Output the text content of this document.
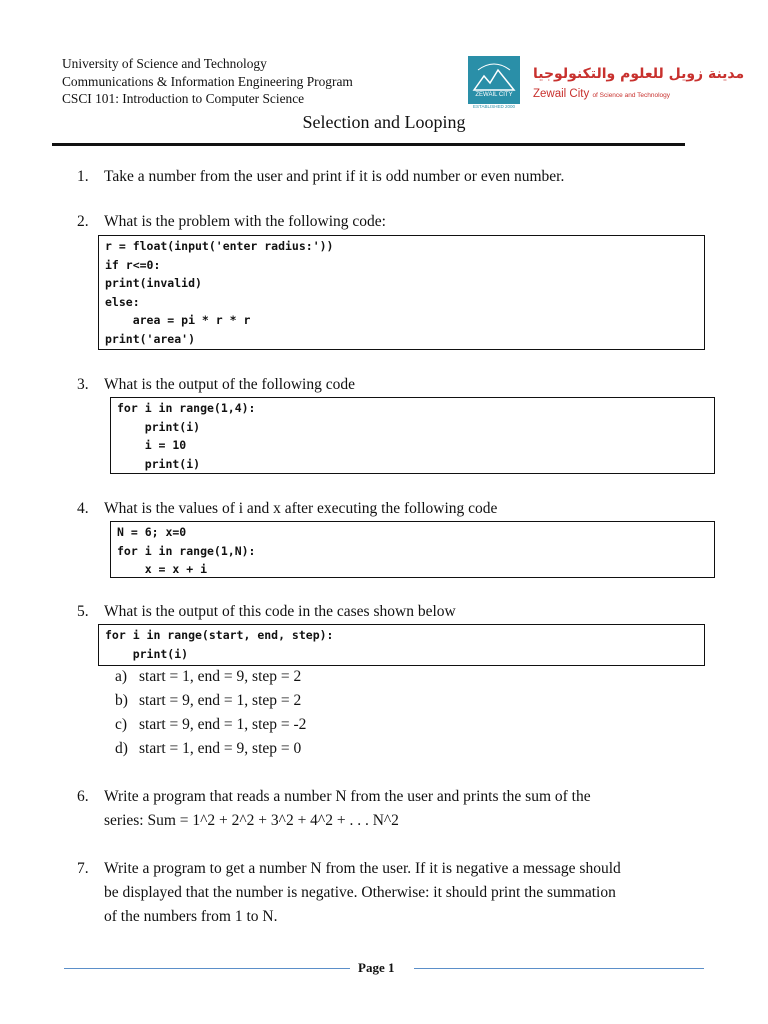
University of Science and Technology
Communications & Information Engineering Program
CSCI 101: Introduction to Computer Science	ZEWAIL CITY
ESTABLISHED 2000
مدينة زويل للعلوم والتكنولوجيا
Zewail City of Science and Technology
Selection and Looping
1. Take a number from the user and print if it is odd number or even number.
2. What is the problem with the following code:
r = float(input('enter radius:'))
if r<=0:
print(invalid)
else:
area = pi * r * r
print('area')
3. What is the output of the following code
for i in range(1,4):
print(i)
i = 10
print(i)
4. What is the values of i and x after executing the following code
N = 6; x=0
for i in range(1,N):
x = x + i
5. What is the output of this code in the cases shown below
for i in range(start, end, step):
print(i)
a) start = 1, end = 9, step = 2
b) start = 9, end = 1, step = 2
c) start = 9, end = 1, step = -2
d) start = 1, end = 9, step = 0
6. Write a program that reads a number N from the user and prints the sum of the
series: Sum = 1^2 + 2^2 + 3^2 + 4^2 + . . . N^2
7. Write a program to get a number N from the user. If it is negative a message should
be displayed that the number is negative. Otherwise: it should print the summation
of the numbers from 1 to N.
Page 1
